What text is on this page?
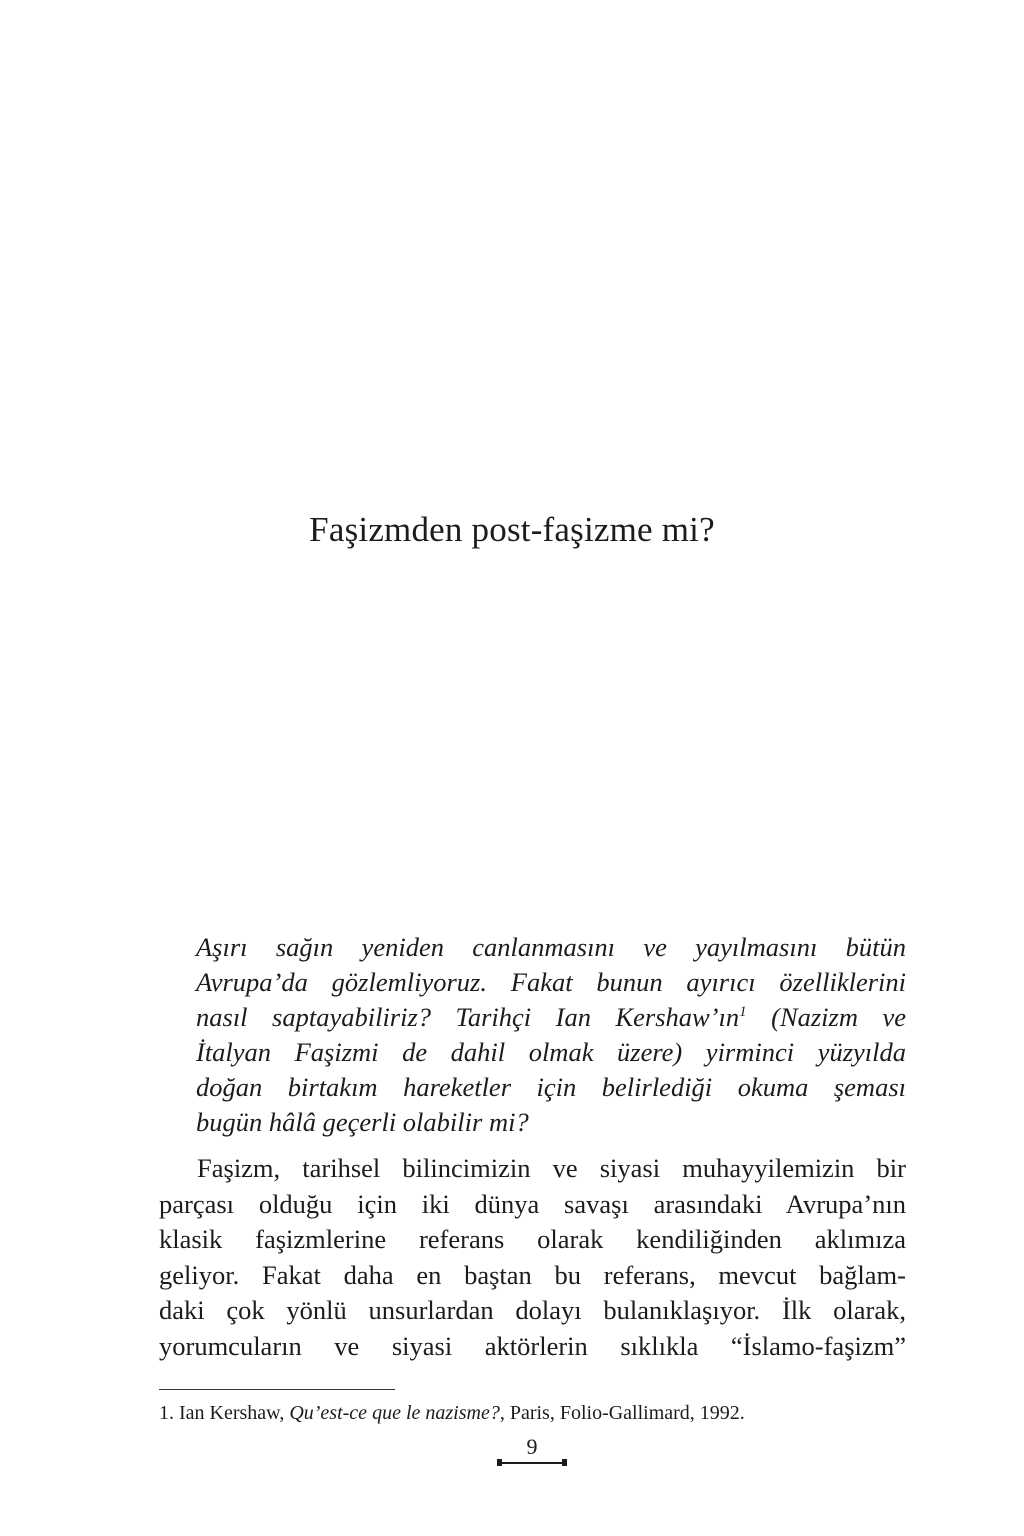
Faşizmden post-faşizme mi?
Aşırı sağın yeniden canlanmasını ve yayılmasını bütün
Avrupa’da gözlemliyoruz. Fakat bunun ayırıcı özelliklerini
nasıl saptayabiliriz? Tarihçi Ian $Kershaw’ın^1$ (Nazizm ve
İtalyan Faşizmi de dahil olmak üzere) yirminci yüzyılda
doğan birtakım hareketler için belirlediği okuma şeması
bugün hâlâ geçerli olabilir mi?
Faşizm, tarihsel bilincimizin ve siyasi muhayyilemizin bir
parçası olduğu için iki dünya savaşı arasındaki Avrupa’nın
klasik faşizmlerine referans olarak kendiliğinden aklımıza
geliyor. Fakat daha en baştan bu referans, mevcut bağlam-
daki çok yönlü unsurlardan dolayı bulanıklaşıyor. İlk olarak,
yorumcuların ve siyasi aktörlerin sıklıkla “İslamo-faşizm”
1. Ian Kershaw, Qu’est-ce que le nazisme?, Paris, Folio-Gallimard, 1992.
9
